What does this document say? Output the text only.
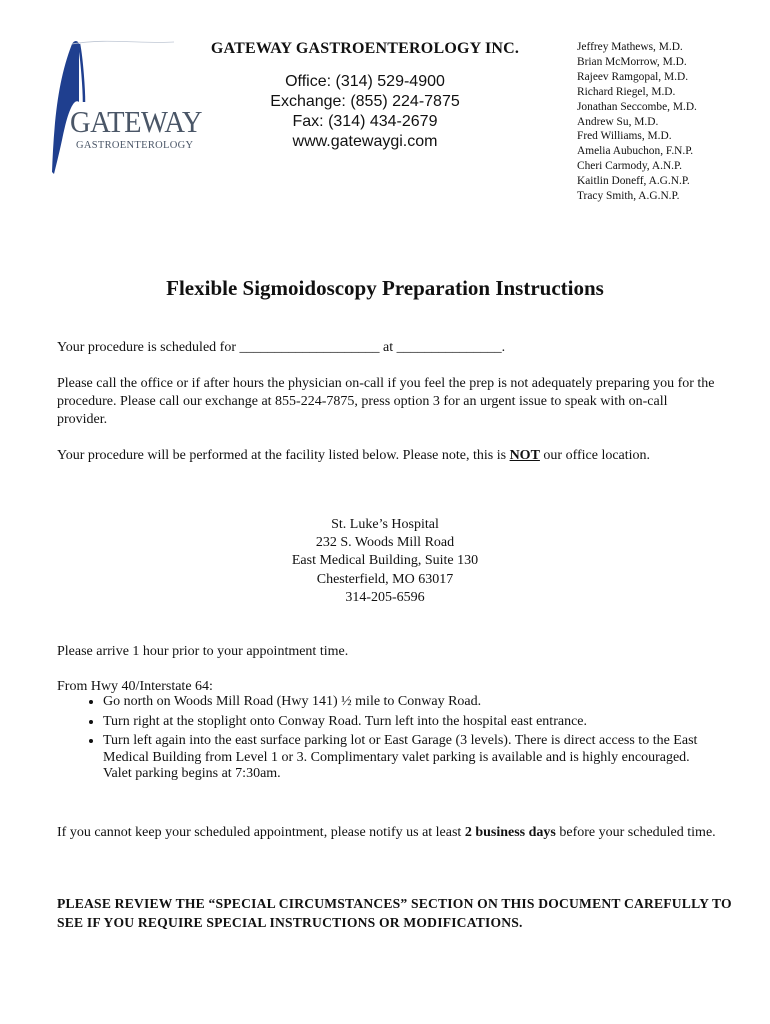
GATEWAY
GASTROENTEROLOGY
GATEWAY GASTROENTEROLOGY INC.
Office: (314) 529-4900
Exchange: (855) 224-7875
Fax: (314) 434-2679
www.gatewaygi.com
Jeffrey Mathews, M.D.
Brian McMorrow, M.D.
Rajeev Ramgopal, M.D.
Richard Riegel, M.D.
Jonathan Seccombe, M.D.
Andrew Su, M.D.
Fred Williams, M.D.
Amelia Aubuchon, F.N.P.
Cheri Carmody, A.N.P.
Kaitlin Doneff, A.G.N.P.
Tracy Smith, A.G.N.P.
Flexible Sigmoidoscopy Preparation Instructions
Your procedure is scheduled for ____________________ at _______________.
Please call the office or if after hours the physician on-call if you feel the prep is not adequately preparing you for the procedure. Please call our exchange at 855-224-7875, press option 3 for an urgent issue to speak with on-call provider.
Your procedure will be performed at the facility listed below. Please note, this is NOT our office location.
St. Luke’s Hospital
232 S. Woods Mill Road
East Medical Building, Suite 130
Chesterfield, MO 63017
314-205-6596
Please arrive 1 hour prior to your appointment time.
From Hwy 40/Interstate 64:
• Go north on Woods Mill Road (Hwy 141) ½ mile to Conway Road.
• Turn right at the stoplight onto Conway Road. Turn left into the hospital east entrance.
• Turn left again into the east surface parking lot or East Garage (3 levels). There is direct access to the East Medical Building from Level 1 or 3. Complimentary valet parking is available and is highly encouraged. Valet parking begins at 7:30am.
If you cannot keep your scheduled appointment, please notify us at least 2 business days before your scheduled time.
PLEASE REVIEW THE “SPECIAL CIRCUMSTANCES” SECTION ON THIS DOCUMENT CAREFULLY TO SEE IF YOU REQUIRE SPECIAL INSTRUCTIONS OR MODIFICATIONS.
